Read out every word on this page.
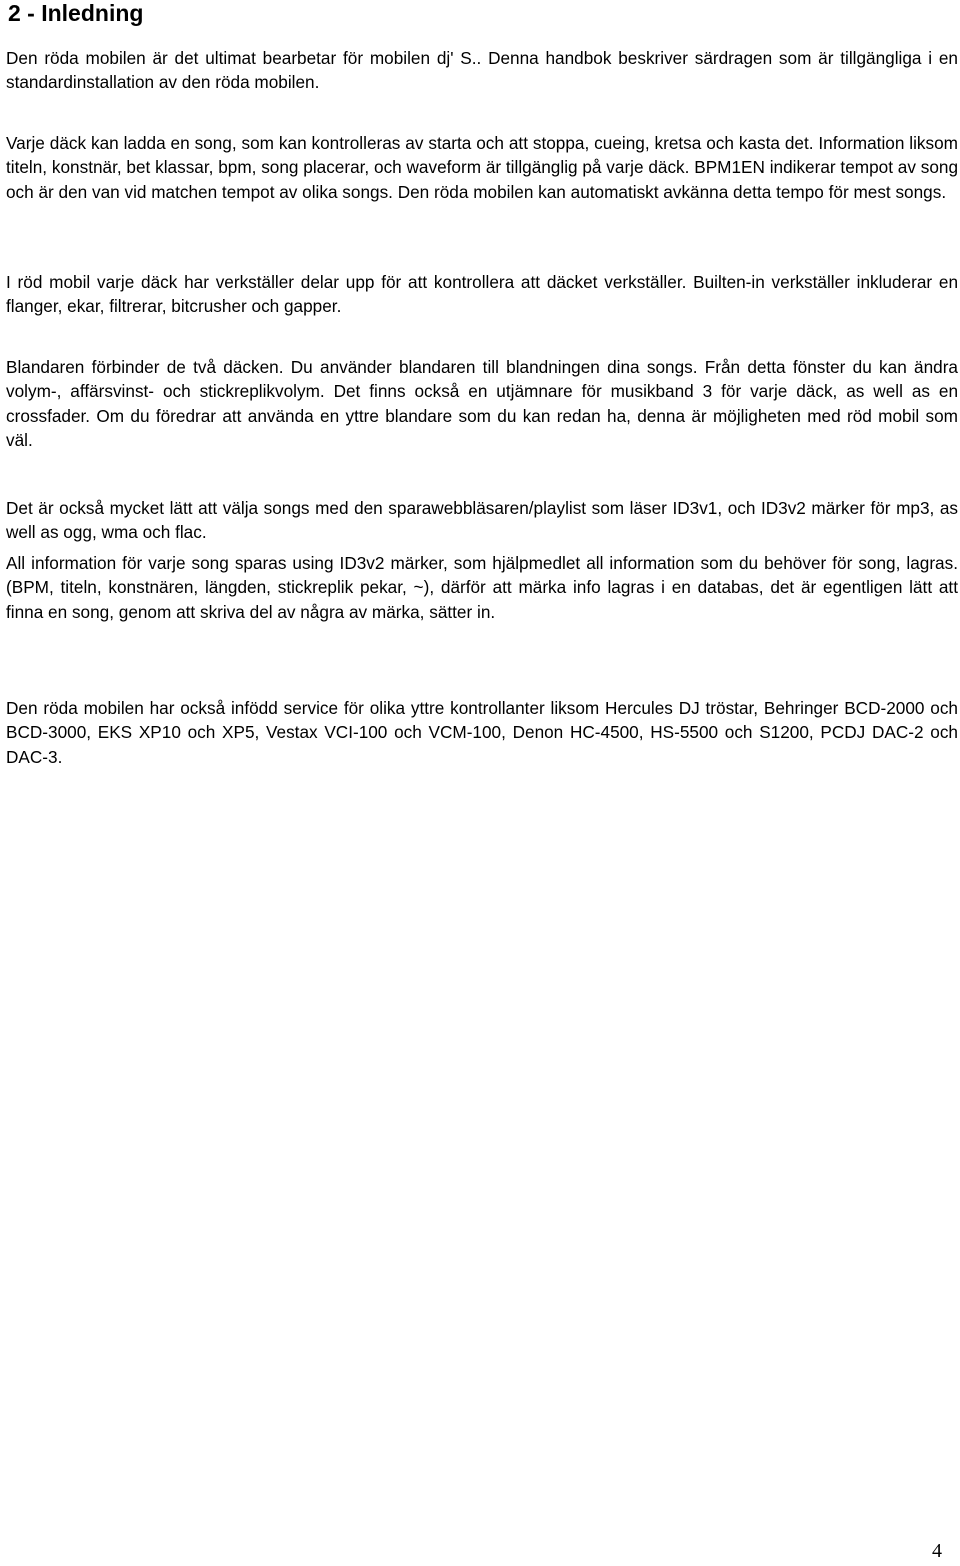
2 - Inledning

Den röda mobilen är det ultimat bearbetar för mobilen dj' S.. Denna handbok beskriver särdragen som är tillgängliga i en standardinstallation av den röda mobilen.

Varje däck kan ladda en song, som kan kontrolleras av starta och att stoppa, cueing, kretsa och kasta det. Information liksom titeln, konstnär, bet klassar, bpm, song placerar, och waveform är tillgänglig på varje däck. BPM1EN indikerar tempot av song och är den van vid matchen tempot av olika songs. Den röda mobilen kan automatiskt avkänna detta tempo för mest songs.

I röd mobil varje däck har verkställer delar upp för att kontrollera att däcket verkställer. Builten-in verkställer inkluderar en flanger, ekar, filtrerar, bitcrusher och gapper.

Blandaren förbinder de två däcken. Du använder blandaren till blandningen dina songs. Från detta fönster du kan ändra volym-, affärsvinst- och stickreplikvolym. Det finns också en utjämnare för musikband 3 för varje däck, as well as en crossfader. Om du föredrar att använda en yttre blandare som du kan redan ha, denna är möjligheten med röd mobil som väl.

Det är också mycket lätt att välja songs med den sparawebbläsaren/playlist som läser ID3v1, och ID3v2 märker för mp3, as well as ogg, wma och flac.

All information för varje song sparas using ID3v2 märker, som hjälpmedlet all information som du behöver för song, lagras. (BPM, titeln, konstnären, längden, stickreplik pekar, ~), därför att märka info lagras i en databas, det är egentligen lätt att finna en song, genom att skriva del av några av märka, sätter in.

Den röda mobilen har också infödd service för olika yttre kontrollanter liksom Hercules DJ tröstar, Behringer BCD-2000 och BCD-3000, EKS XP10 och XP5, Vestax VCI-100 och VCM-100, Denon HC-4500, HS-5500 och S1200, PCDJ DAC-2 och DAC-3.

4
